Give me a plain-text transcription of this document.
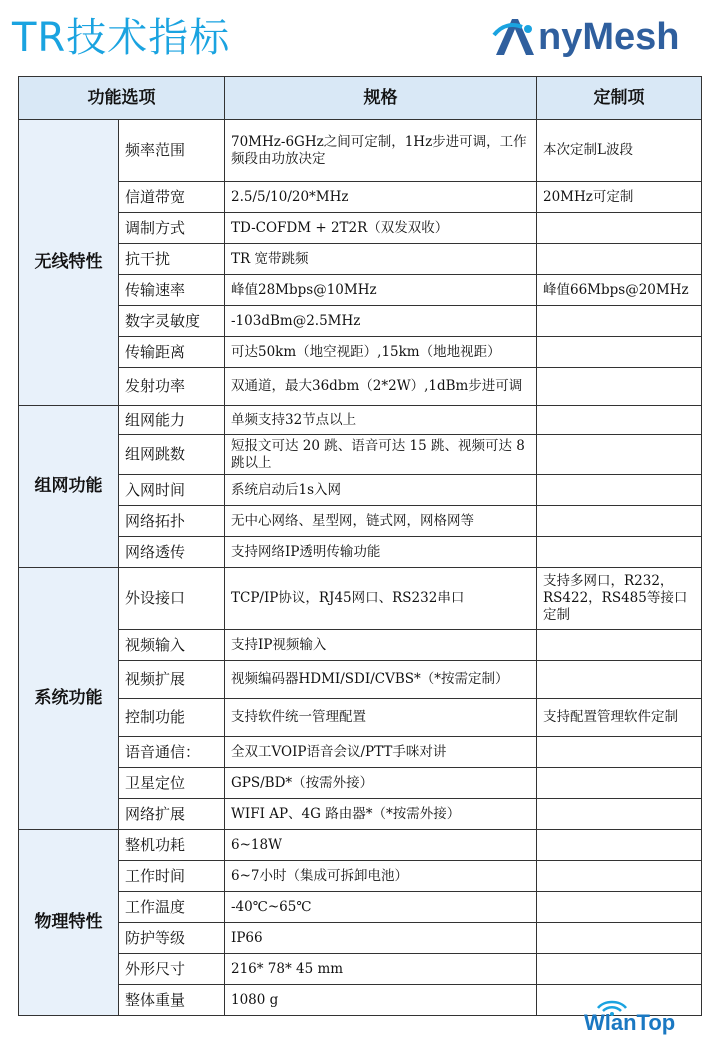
TR技术指标	nyMesh
功能选项		规格	定制项
无线特性	频率范围	70MHz-6GHz之间可定制，1Hz步进可调，工作频段由功放决定	本次定制L波段
	信道带宽	2.5/5/10/20*MHz	20MHz可定制
	调制方式	TD-COFDM + 2T2R（双发双收）	
	抗干扰	TR 宽带跳频	
	传输速率	峰值28Mbps@10MHz	峰值66Mbps@20MHz
	数字灵敏度	-103dBm@2.5MHz	
	传输距离	可达50km（地空视距）,15km（地地视距）	
	发射功率	双通道，最大36dbm（2*2W）,1dBm步进可调	
组网功能	组网能力	单频支持32节点以上	
	组网跳数	短报文可达 20 跳、语音可达 15 跳、视频可达 8 跳以上	
	入网时间	系统启动后1s入网	
	网络拓扑	无中心网络、星型网，链式网，网格网等	
	网络透传	支持网络IP透明传输功能	
系统功能	外设接口	TCP/IP协议，RJ45网口、RS232串口	支持多网口，R232，RS422，RS485等接口定制
	视频输入	支持IP视频输入	
	视频扩展	视频编码器HDMI/SDI/CVBS*（*按需定制）	
	控制功能	支持软件统一管理配置	支持配置管理软件定制
	语音通信：	全双工VOIP语音会议/PTT手咪对讲	
	卫星定位	GPS/BD*（按需外接）	
	网络扩展	WIFI AP、4G 路由器*（*按需外接）	
物理特性	整机功耗	6~18W	
	工作时间	6~7小时（集成可拆卸电池）	
	工作温度	-40℃~65℃	
	防护等级	IP66	
	外形尺寸	216* 78* 45 mm	
	整体重量	1080 g	
WlanTop
